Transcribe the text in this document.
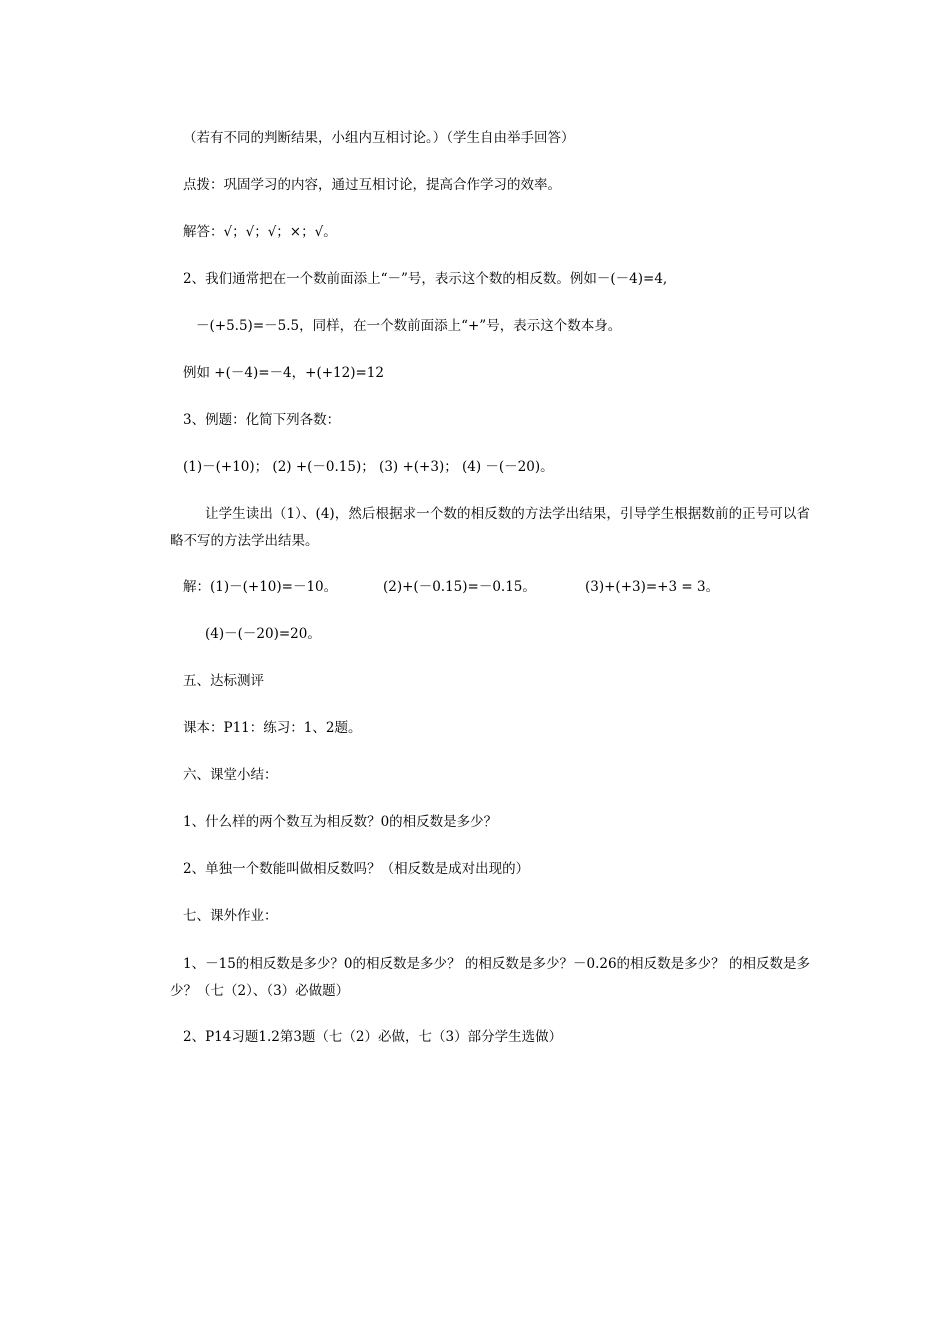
（若有不同的判断结果，小组内互相讨论。）（学生自由举手回答）
点拨：巩固学习的内容，通过互相讨论，提高合作学习的效率。
解答：√；√；√；×；√。
2、我们通常把在一个数前面添上“－”号，表示这个数的相反数。例如－(－4)=4,
－(+5.5)=－5.5，同样，在一个数前面添上“+”号，表示这个数本身。
例如 +(－4)=－4，+(+12)=12
3、例题：化简下列各数：
(1)－(+10)； (2) +(－0.15)； (3) +(+3)； (4) －(－20)。
让学生读出（1）、(4)，然后根据求一个数的相反数的方法学出结果，引导学生根据数前的正号可以省略不写的方法学出结果。
解：(1)－(+10)=－10。	(2)+(－0.15)=－0.15。	(3)+(+3)=+3 = 3。
(4)－(－20)=20。
五、达标测评
课本：P11：练习：1、2题。
六、课堂小结：
1、什么样的两个数互为相反数？0的相反数是多少？
2、单独一个数能叫做相反数吗？（相反数是成对出现的）
七、课外作业：
1、－15的相反数是多少？0的相反数是多少？ 的相反数是多少？－0.26的相反数是多少？ 的相反数是多少？（七（2）、（3）必做题）
2、P14习题1.2第3题（七（2）必做，七（3）部分学生选做）
